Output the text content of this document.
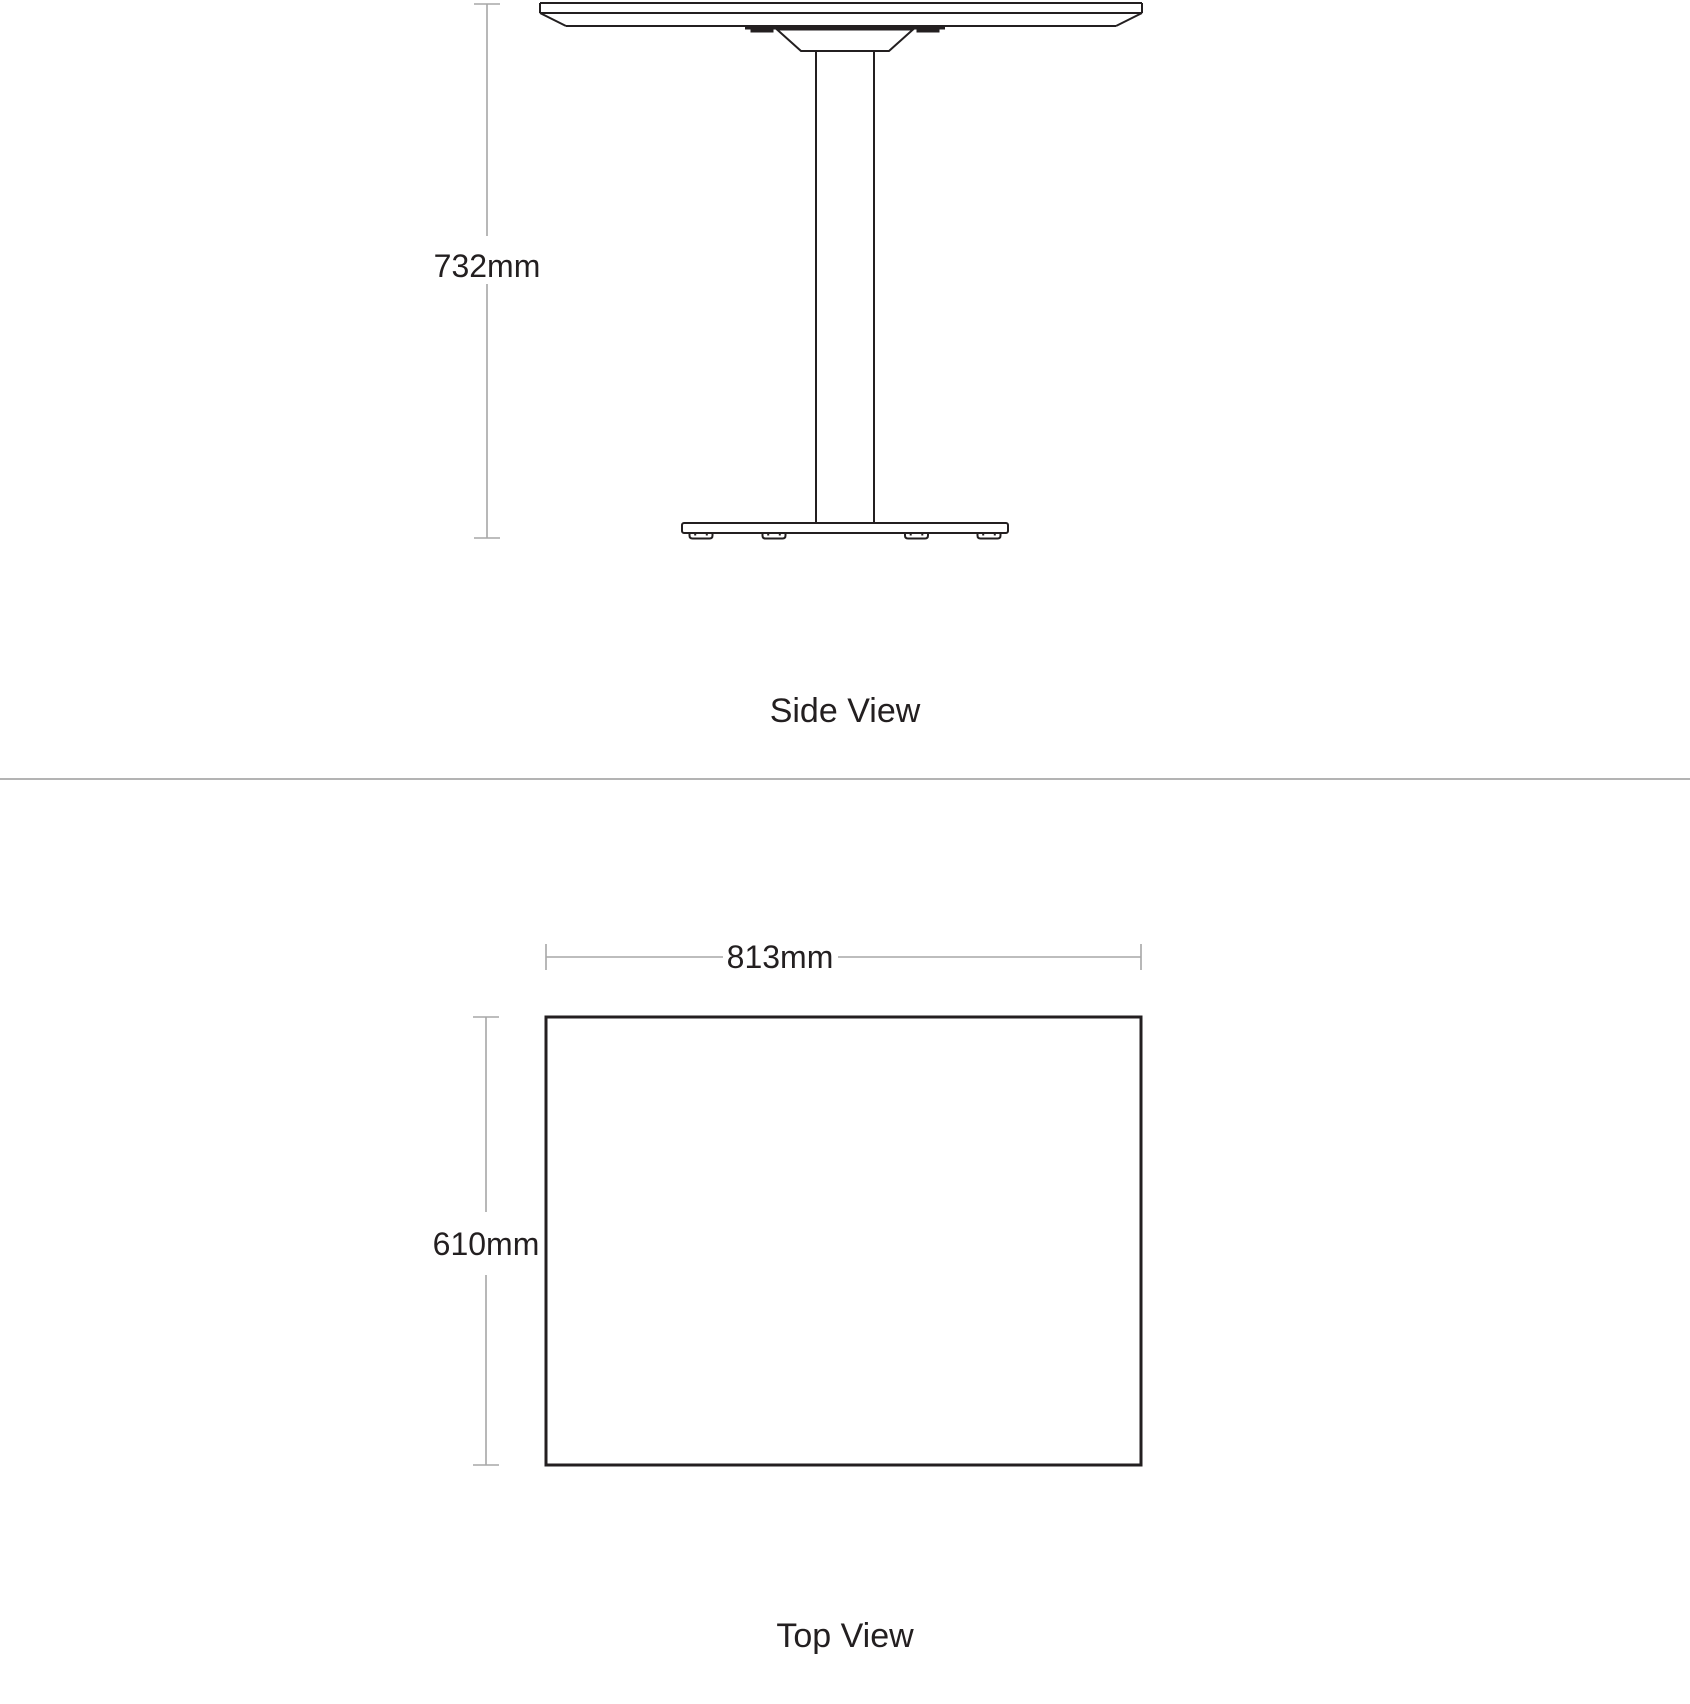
732mm
Side View
813mm
610mm
Top View
